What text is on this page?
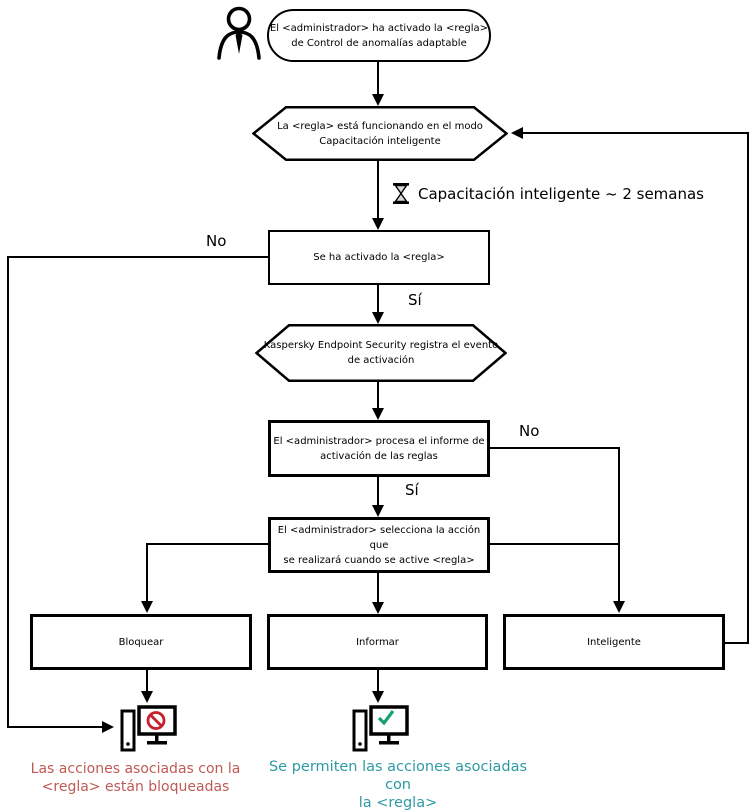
El <administrador> ha activado la <regla>
de Control de anomalías adaptable
La <regla> está funcionando en el modo
Capacitación inteligente
Capacitación inteligente ~ 2 semanas
Se ha activado la <regla>
No
Sí
Kaspersky Endpoint Security registra el evento
de activación
El <administrador> procesa el informe de
activación de las reglas
No
Sí
El <administrador> selecciona la acción que
se realizará cuando se active <regla>
Bloquear	Informar	Inteligente
Las acciones asociadas con la
<regla> están bloqueadas
Se permiten las acciones asociadas con
la <regla>
